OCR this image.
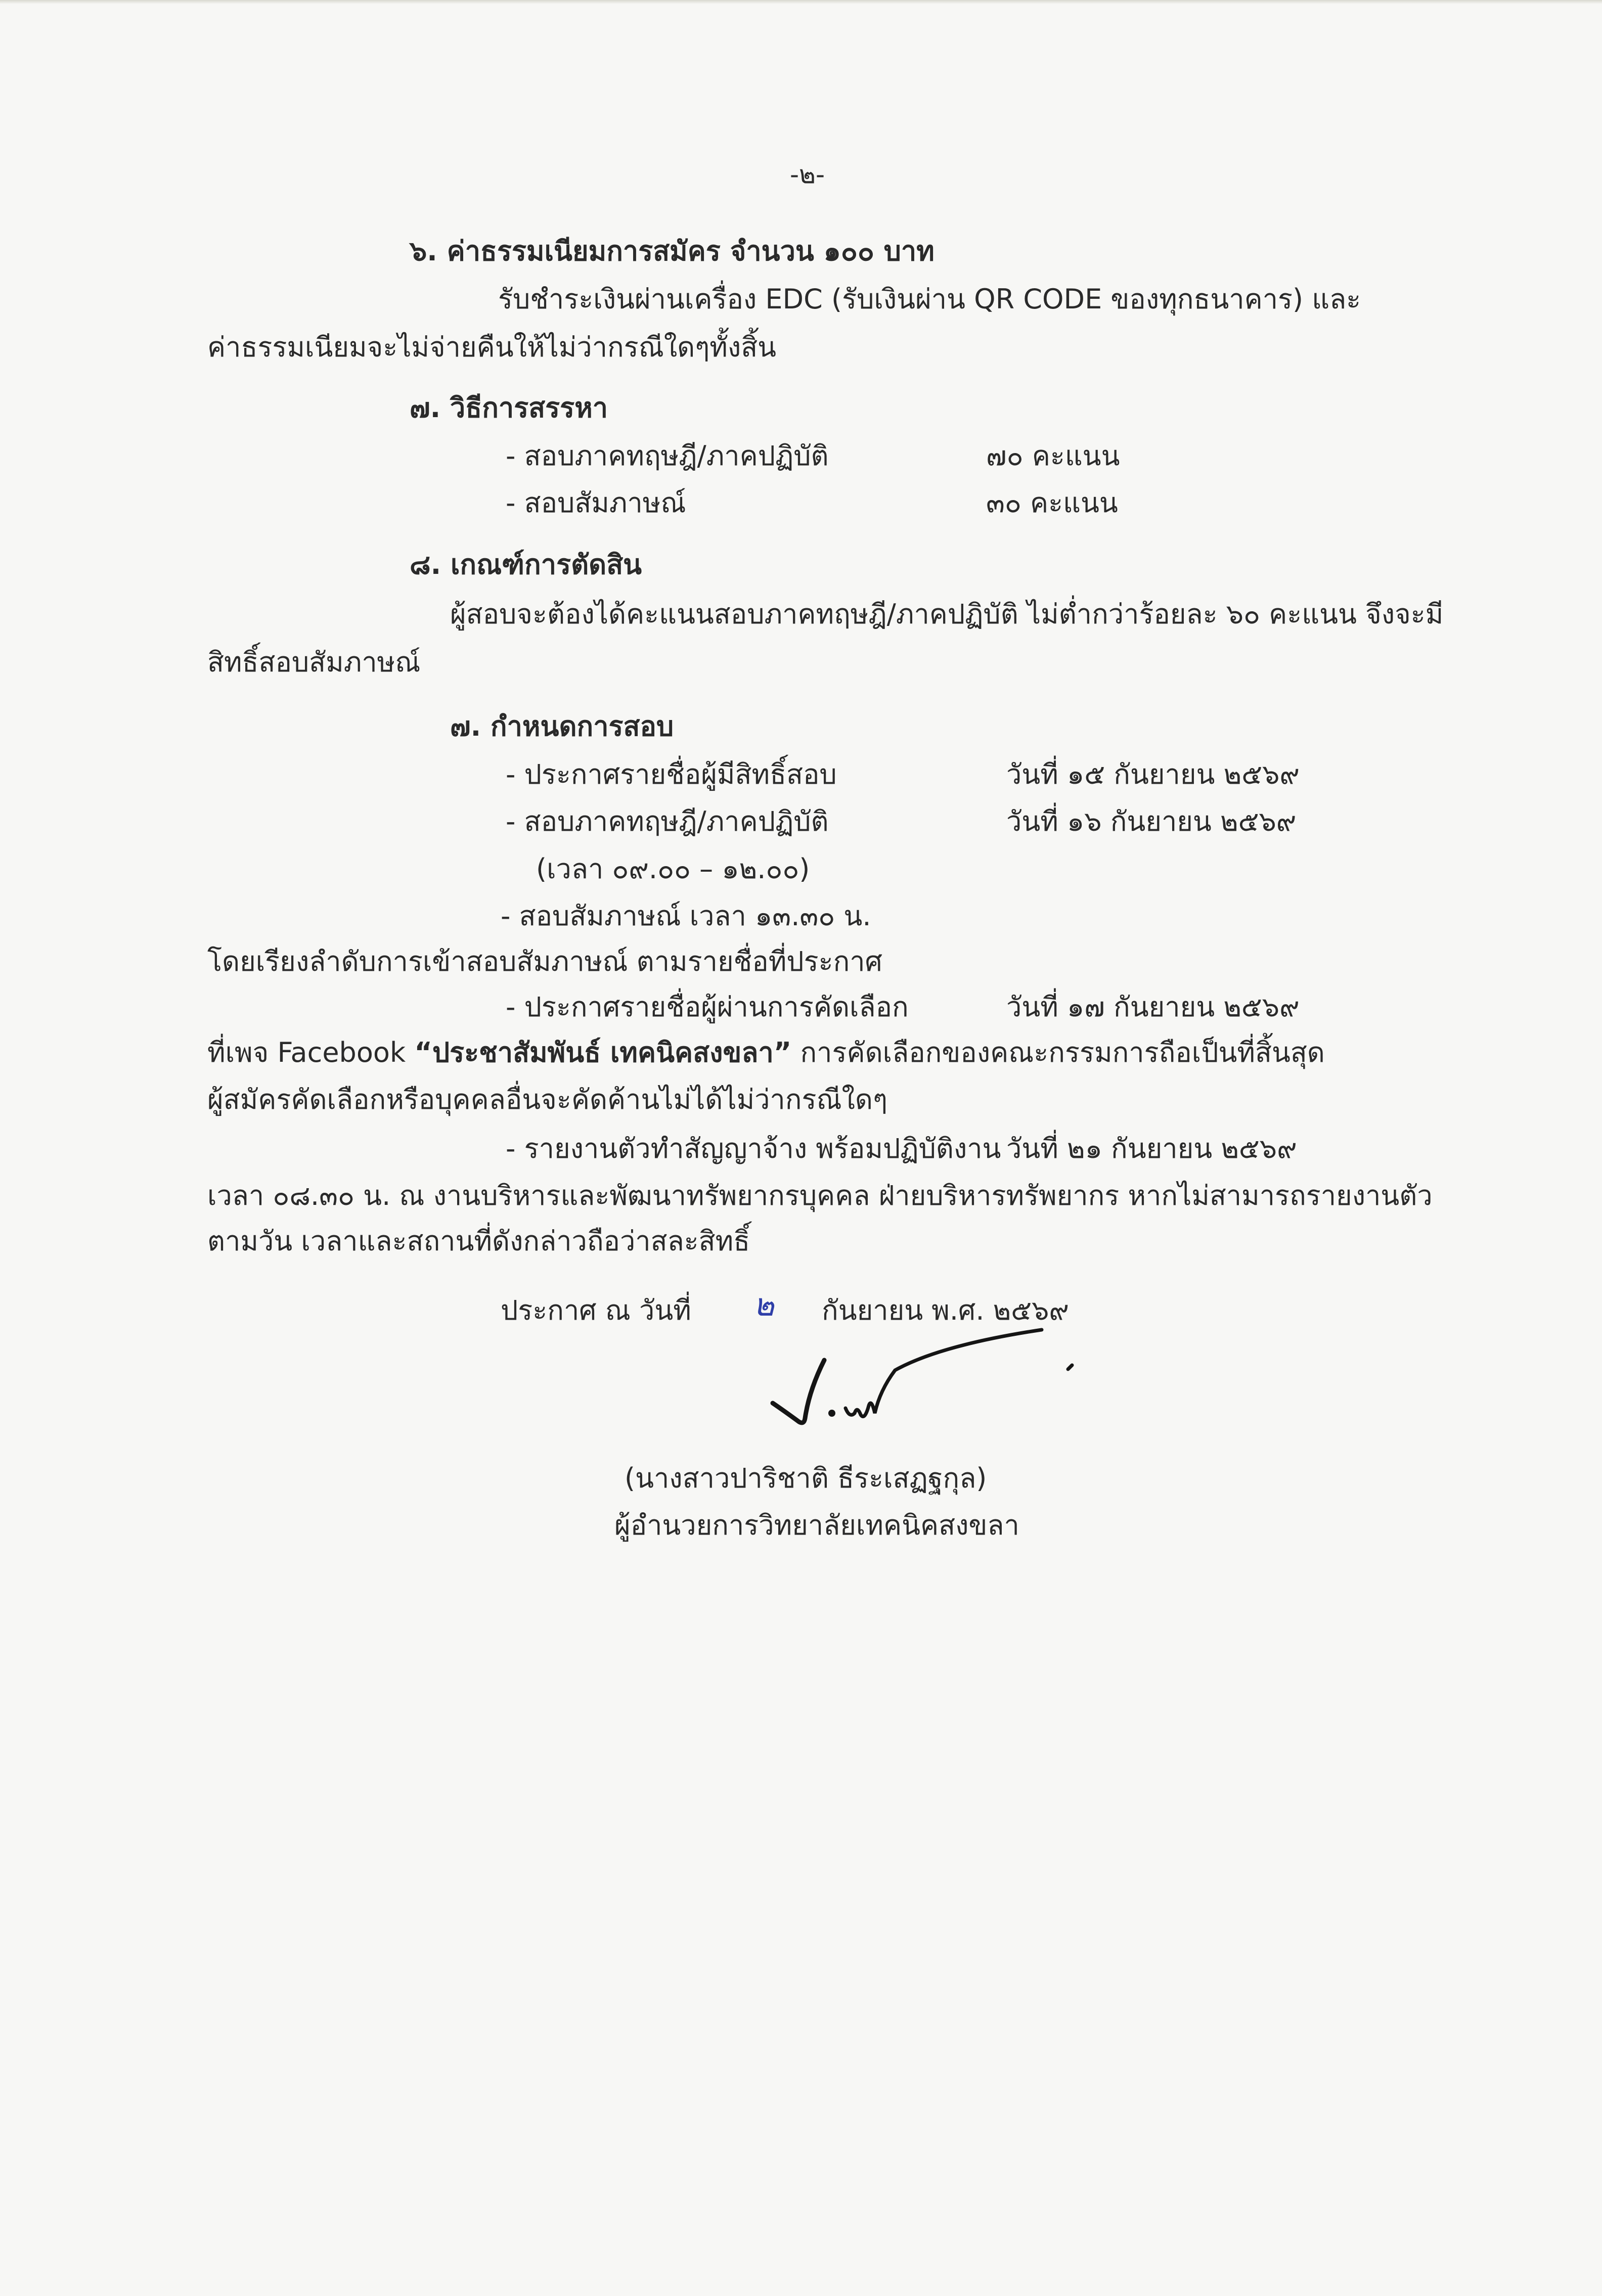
-๒-
๖. ค่าธรรมเนียมการสมัคร จำนวน ๑๐๐ บาท
รับชำระเงินผ่านเครื่อง EDC (รับเงินผ่าน QR CODE ของทุกธนาคาร) และ
ค่าธรรมเนียมจะไม่จ่ายคืนให้ไม่ว่ากรณีใดๆทั้งสิ้น
๗. วิธีการสรรหา
- สอบภาคทฤษฎี/ภาคปฏิบัติ	๗๐ คะแนน
- สอบสัมภาษณ์	๓๐ คะแนน
๘. เกณฑ์การตัดสิน
ผู้สอบจะต้องได้คะแนนสอบภาคทฤษฎี/ภาคปฏิบัติ ไม่ต่ำกว่าร้อยละ ๖๐ คะแนน จึงจะมี
สิทธิ์สอบสัมภาษณ์
๗. กำหนดการสอบ
- ประกาศรายชื่อผู้มีสิทธิ์สอบ	วันที่ ๑๕ กันยายน ๒๕๖๙
- สอบภาคทฤษฎี/ภาคปฏิบัติ	วันที่ ๑๖ กันยายน ๒๕๖๙
(เวลา ๐๙.๐๐ – ๑๒.๐๐)
- สอบสัมภาษณ์ เวลา ๑๓.๓๐ น.
โดยเรียงลำดับการเข้าสอบสัมภาษณ์ ตามรายชื่อที่ประกาศ
- ประกาศรายชื่อผู้ผ่านการคัดเลือก	วันที่ ๑๗ กันยายน ๒๕๖๙
ที่เพจ Facebook “ประชาสัมพันธ์ เทคนิคสงขลา” การคัดเลือกของคณะกรรมการถือเป็นที่สิ้นสุด
ผู้สมัครคัดเลือกหรือบุคคลอื่นจะคัดค้านไม่ได้ไม่ว่ากรณีใดๆ
- รายงานตัวทำสัญญาจ้าง พร้อมปฏิบัติงาน วันที่ ๒๑ กันยายน ๒๕๖๙
เวลา ๐๘.๓๐ น. ณ งานบริหารและพัฒนาทรัพยากรบุคคล ฝ่ายบริหารทรัพยากร หากไม่สามารถรายงานตัว
ตามวัน เวลาและสถานที่ดังกล่าวถือว่าสละสิทธิ์
ประกาศ ณ วันที่ ๒ กันยายน พ.ศ. ๒๕๖๙
(นางสาวปาริชาติ ธีระเสฏฐกุล)
ผู้อำนวยการวิทยาลัยเทคนิคสงขลา
